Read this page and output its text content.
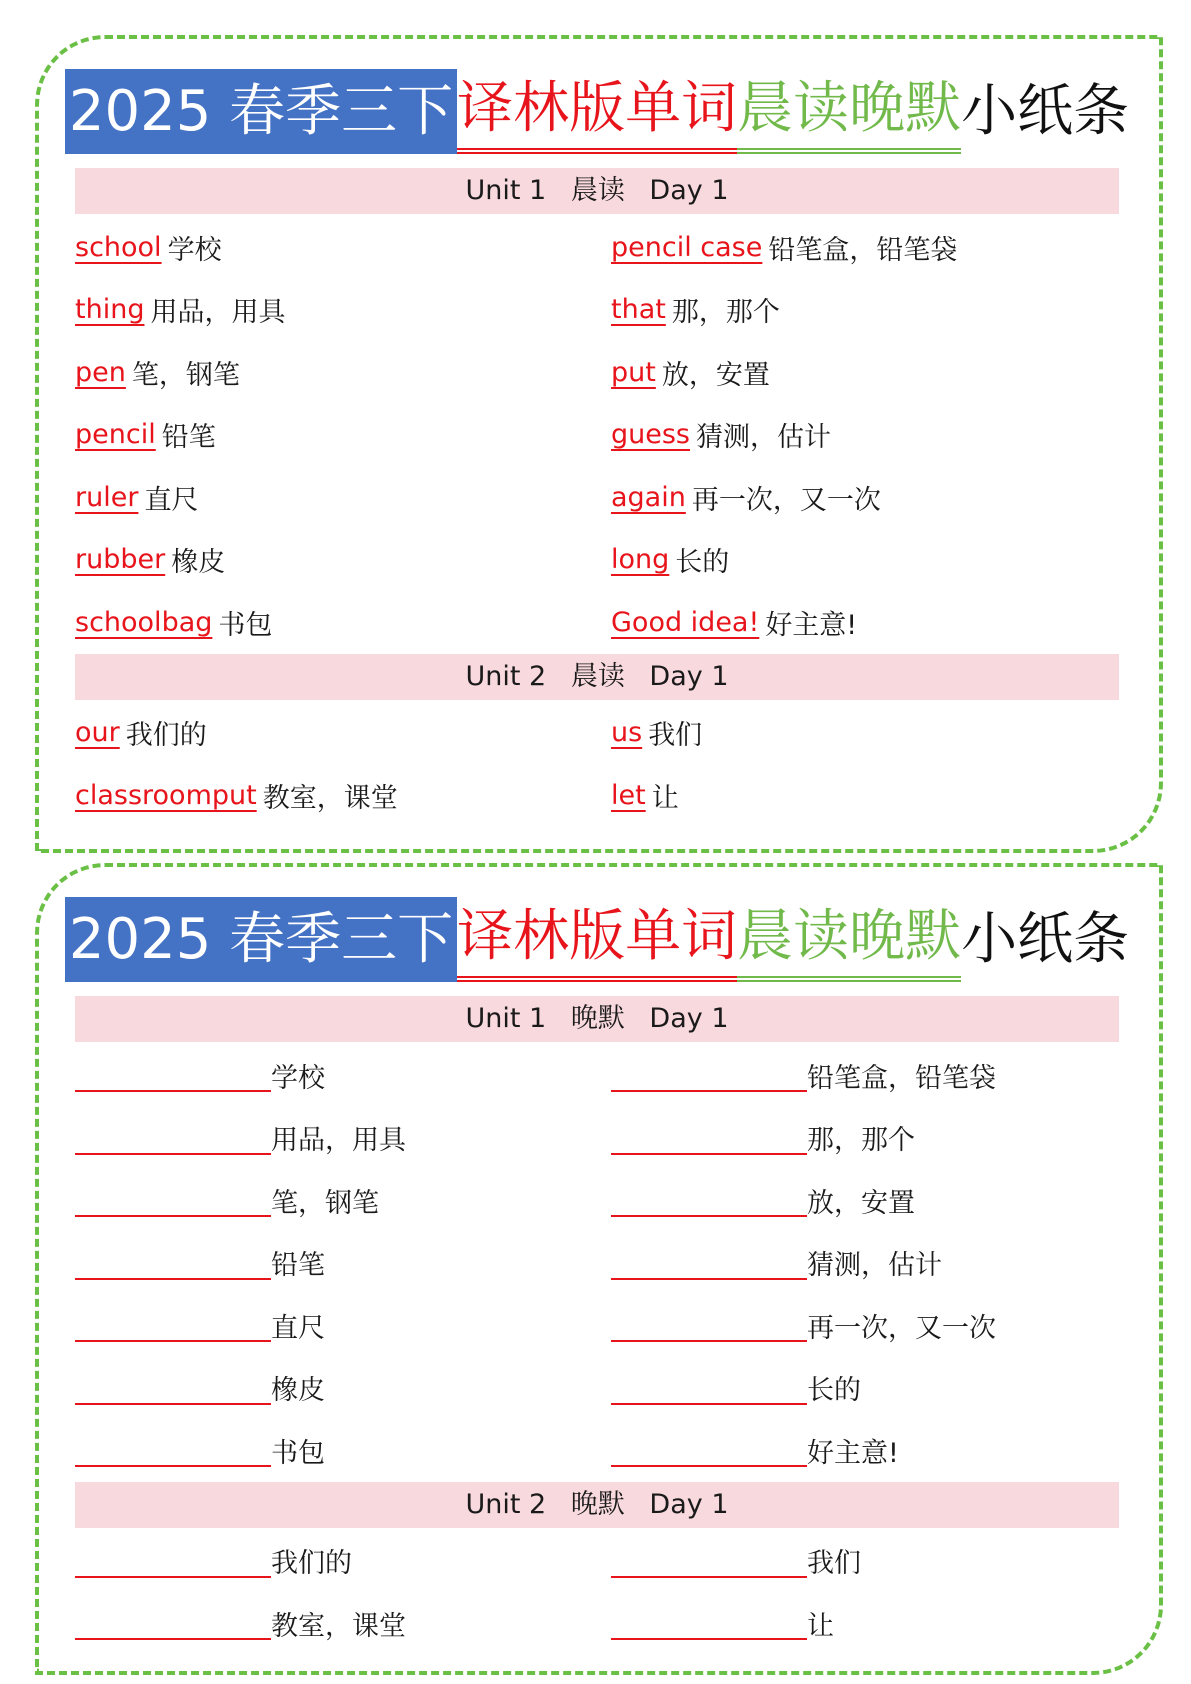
2025 春季三下 译林版单词 晨读晚默 小纸条
Unit 1 晨读 Day 1
school 学校	pencil case 铅笔盒，铅笔袋
thing 用品，用具	that 那，那个
pen 笔，钢笔	put 放，安置
pencil 铅笔	guess 猜测，估计
ruler 直尺	again 再一次，又一次
rubber 橡皮	long 长的
schoolbag 书包	Good idea! 好主意!
Unit 2 晨读 Day 1
our 我们的	us 我们
classroomput 教室，课堂	let 让
2025 春季三下 译林版单词 晨读晚默 小纸条
Unit 1 晚默 Day 1
学校	铅笔盒，铅笔袋
用品，用具	那，那个
笔，钢笔	放，安置
铅笔	猜测，估计
直尺	再一次，又一次
橡皮	长的
书包	好主意!
Unit 2 晚默 Day 1
我们的	我们
教室，课堂	让
